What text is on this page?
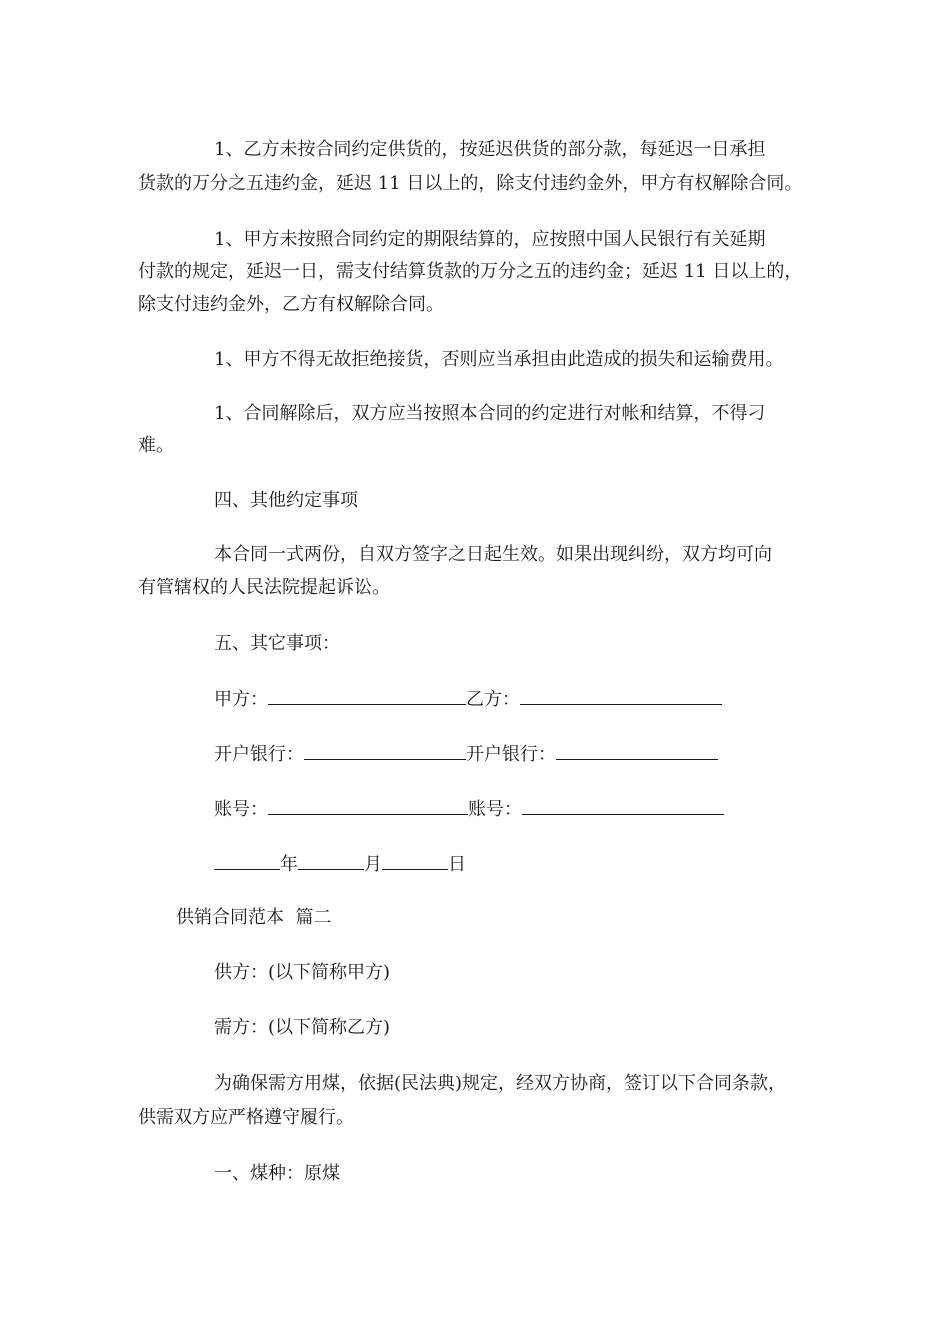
1、乙方未按合同约定供货的，按延迟供货的部分款，每延迟一日承担
货款的万分之五违约金，延迟 11 日以上的，除支付违约金外，甲方有权解除合同。
1、甲方未按照合同约定的期限结算的，应按照中国人民银行有关延期
付款的规定，延迟一日，需支付结算货款的万分之五的违约金；延迟 11 日以上的，
除支付违约金外，乙方有权解除合同。
1、甲方不得无故拒绝接货，否则应当承担由此造成的损失和运输费用。
1、合同解除后，双方应当按照本合同的约定进行对帐和结算，不得刁
难。
四、其他约定事项
本合同一式两份，自双方签字之日起生效。如果出现纠纷，双方均可向
有管辖权的人民法院提起诉讼。
五、其它事项：
甲方：	乙方：
开户银行：	开户银行：
账号：	账号：
年	月	日
供销合同范本  篇二
供方：(以下简称甲方)
需方：(以下简称乙方)
为确保需方用煤，依据(民法典)规定，经双方协商，签订以下合同条款，
供需双方应严格遵守履行。
一、煤种：原煤
